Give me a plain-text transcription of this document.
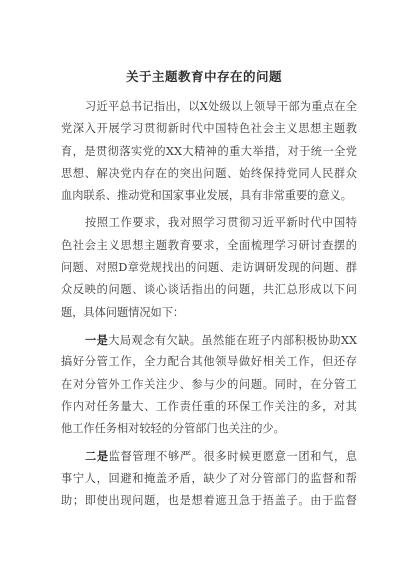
关于主题教育中存在的问题
习近平总书记指出，以X处级以上领导干部为重点在全
党深入开展学习贯彻新时代中国特色社会主义思想主题教
育，是贯彻落实党的XX大精神的重大举措，对于统一全党
思想、解决党内存在的突出问题、始终保持党同人民群众
血肉联系、推动党和国家事业发展，具有非常重要的意义。
按照工作要求，我对照学习贯彻习近平新时代中国特
色社会主义思想主题教育要求，全面梳理学习研讨查摆的
问题、对照D章党规找出的问题、走访调研发现的问题、群
众反映的问题、谈心谈话指出的问题，共汇总形成以下问
题，具体问题情况如下：
一是大局观念有欠缺。虽然能在班子内部积极协助XX
搞好分管工作，全力配合其他领导做好相关工作，但还存
在对分管外工作关注少、参与少的问题。同时，在分管工
作内对任务量大、工作责任重的环保工作关注的多，对其
他工作任务相对较轻的分管部门也关注的少。
二是监督管理不够严。很多时候更愿意一团和气，息
事宁人，回避和掩盖矛盾，缺少了对分管部门的监督和帮
助；即使出现问题，也是想着遮丑急于捂盖子。由于监督
